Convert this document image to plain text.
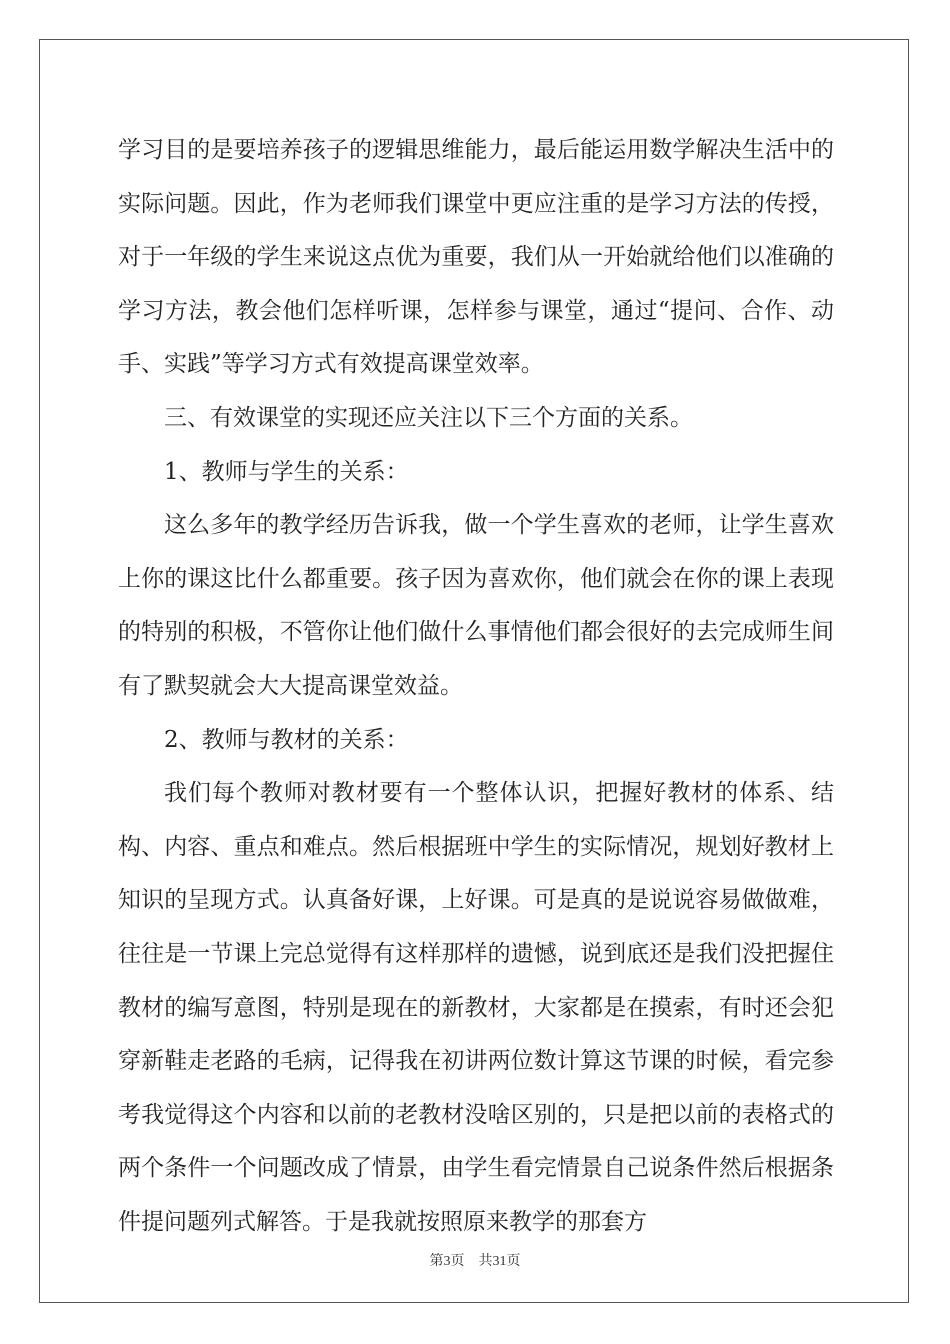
学习目的是要培养孩子的逻辑思维能力，最后能运用数学解决生活中的实际问题。因此，作为老师我们课堂中更应注重的是学习方法的传授，对于一年级的学生来说这点优为重要，我们从一开始就给他们以准确的学习方法，教会他们怎样听课，怎样参与课堂，通过“提问、合作、动手、实践”等学习方式有效提高课堂效率。

三、有效课堂的实现还应关注以下三个方面的关系。

1、教师与学生的关系：

这么多年的教学经历告诉我，做一个学生喜欢的老师，让学生喜欢上你的课这比什么都重要。孩子因为喜欢你，他们就会在你的课上表现的特别的积极，不管你让他们做什么事情他们都会很好的去完成师生间有了默契就会大大提高课堂效益。

2、教师与教材的关系：

我们每个教师对教材要有一个整体认识，把握好教材的体系、结构、内容、重点和难点。然后根据班中学生的实际情况，规划好教材上知识的呈现方式。认真备好课，上好课。可是真的是说说容易做做难，往往是一节课上完总觉得有这样那样的遗憾，说到底还是我们没把握住教材的编写意图，特别是现在的新教材，大家都是在摸索，有时还会犯穿新鞋走老路的毛病，记得我在初讲两位数计算这节课的时候，看完参考我觉得这个内容和以前的老教材没啥区别的，只是把以前的表格式的两个条件一个问题改成了情景，由学生看完情景自己说条件然后根据条件提问题列式解答。于是我就按照原来教学的那套方

第3页 共31页
